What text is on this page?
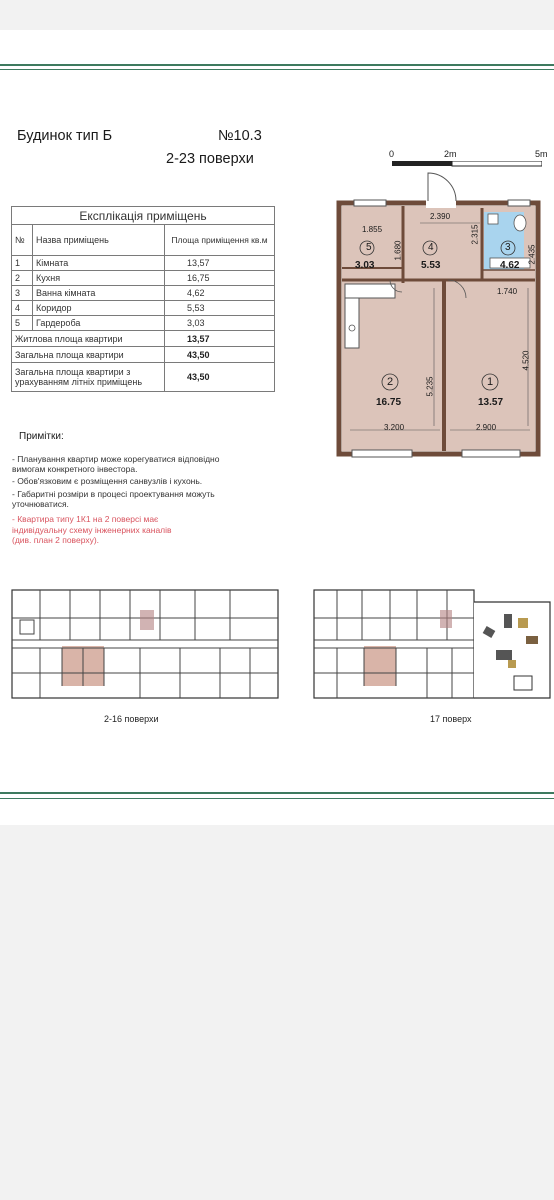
Будинок тип Б	№10.3
2-23 поверхи
Експлікація приміщень		
№	Назва приміщень	Площа приміщення кв.м
1	Кімната	13,57
2	Кухня	16,75
3	Ванна кімната	4,62
4	Коридор	5,53
5	Гардероба	3,03
Житлова площа квартири		13,57
Загальна площа квартири		43,50
Загальна площа квартири з урахуванням літніх приміщень		43,50
Примітки:
- Планування квартир може корегуватися відповідно
вимогам конкретного інвестора.
- Обов'язковим є розміщення санвузлів і кухонь.
- Габаритні розміри в процесі проектування можуть
уточнюватися.
- Квартира типу 1К1 на 2 поверсі має
індивідуальну схему інженерних каналів
(див. план 2 поверху).
0	2m	5m
5
3.03
4
5.53
3
4.62
2
16.75
1
13.57
1.855
2.390
2.315
1.680	2.435
1.740
5.235
4.520
3.200	2.900
2-16 поверхи	17 поверх
